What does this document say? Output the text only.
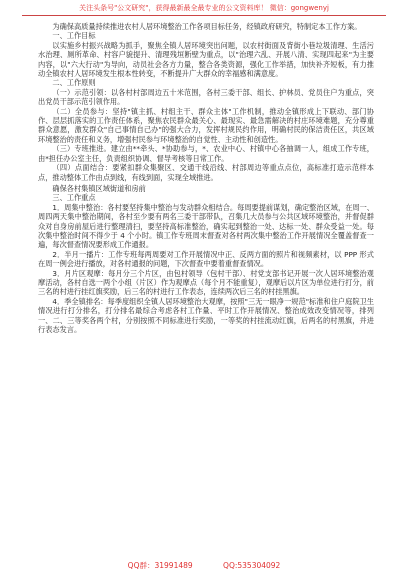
关注头条号"公文研究"，获得最新最全最专业的公文资料库！ 微信：gongwenyj

为确保高质量持续推进农村人居环境整治工作各项目标任务，经镇政府研究，特制定本工作方案。

一、工作目标

以实施乡村振兴战略为抓手，聚焦全镇人居环境突出问题，以农村街面及背街小巷垃圾清理、生活污水治理、厕所革命、村容户貌提升、清理残垣断壁为重点，以"治理六乱、开展八清、实现四起来"为主要内容，以"六大行动"为导向，动员社会各方力量，整合各类资源，强化工作举措，加快补齐短板，有力推动全镇农村人居环境发生根本性转变，不断提升广大群众的幸福感和满意度。

二、工作原则

（一）示范引领：以各村村部周边五十米范围，各村三委干部、组长、护林员、党员住户为重点，突出党员干部示范引领作用。

（二）全员参与：坚持"镇主抓、村组主干、群众主体"工作机制，推动全镇形成上下联动、部门协作、层层抓落实的工作责任体系，聚焦农民群众最关心、最现实、最急需解决的村庄环境难题，充分尊重群众意愿，激发群众"自己事情自己办"的强大合力，发挥村规民约作用，明确村民的保洁责任区，共区域环境整治的责任和义务，增强村民参与环境整治的自觉性、主动性和创造性。

（三）专班推进。建立由**牵头、*协助参与，*、农业中心、村镇中心各抽调一人，组成工作专班，由*担任办公室主任，负责组织协调、督导考核等日常工作。

（四）点面结合：要紧扣群众集聚区、交通干线沿线、村部周边等重点点位，高标准打造示范样本点，推动整体工作由点到线，有线到面，实现全域推进。

确保各村集镇区域街道和房前

三、工作重点

1．周集中整治：各村要坚持集中整治与发动群众相结合。每周要提前谋划，确定整治区域，在周一、周四两天集中整治期间，各村至少要有两名三委干部带队，召集几大员参与公共区域环境整治，并督促群众对自身房前屋后进行整理清扫，要坚持高标准整治，确实起到整治一处、达标一处、群众受益一处。每次集中整治时间不得少于 4 个小时。镇工作专班周末督查对各村两次集中整治工作开展情况全覆盖督查一遍，每次督查情况要形成工作通报。

2．半月一播片：工作专班每两周要对工作开展情况中正、反两方面的照片和视频素材，以 PPP 形式在周一例会进行播放，对各村通报的问题，下次督查中要着重督查情况。

3．月片区观摩：每月分三个片区，由包村领导（包村干部）、村党支部书记开展一次人居环境整治观摩活动，各村自选一两个小组（片区）作为观摩点（每个月不能重复），观摩后以片区为单位进行打分，前三名的村进行挂红旗奖励，后三名的村进行工作表态，连续两次后三名的村挂黑旗。

4．季全镇排名：每季度组织全镇人居环境整治大观摩，按照"三无一眼净一规范"标准和住户庭院卫生情况进行打分排名，打分排名最综合考虑各村工作量、平时工作开展情况、整治成效改变情况等，排列一、二、三等奖各两个村，分别按照不同标准进行奖励，一等奖的村挂流动红旗，后两名的村黑旗，并进行表态发言。

QQ群：31991489	QQ:535304092
